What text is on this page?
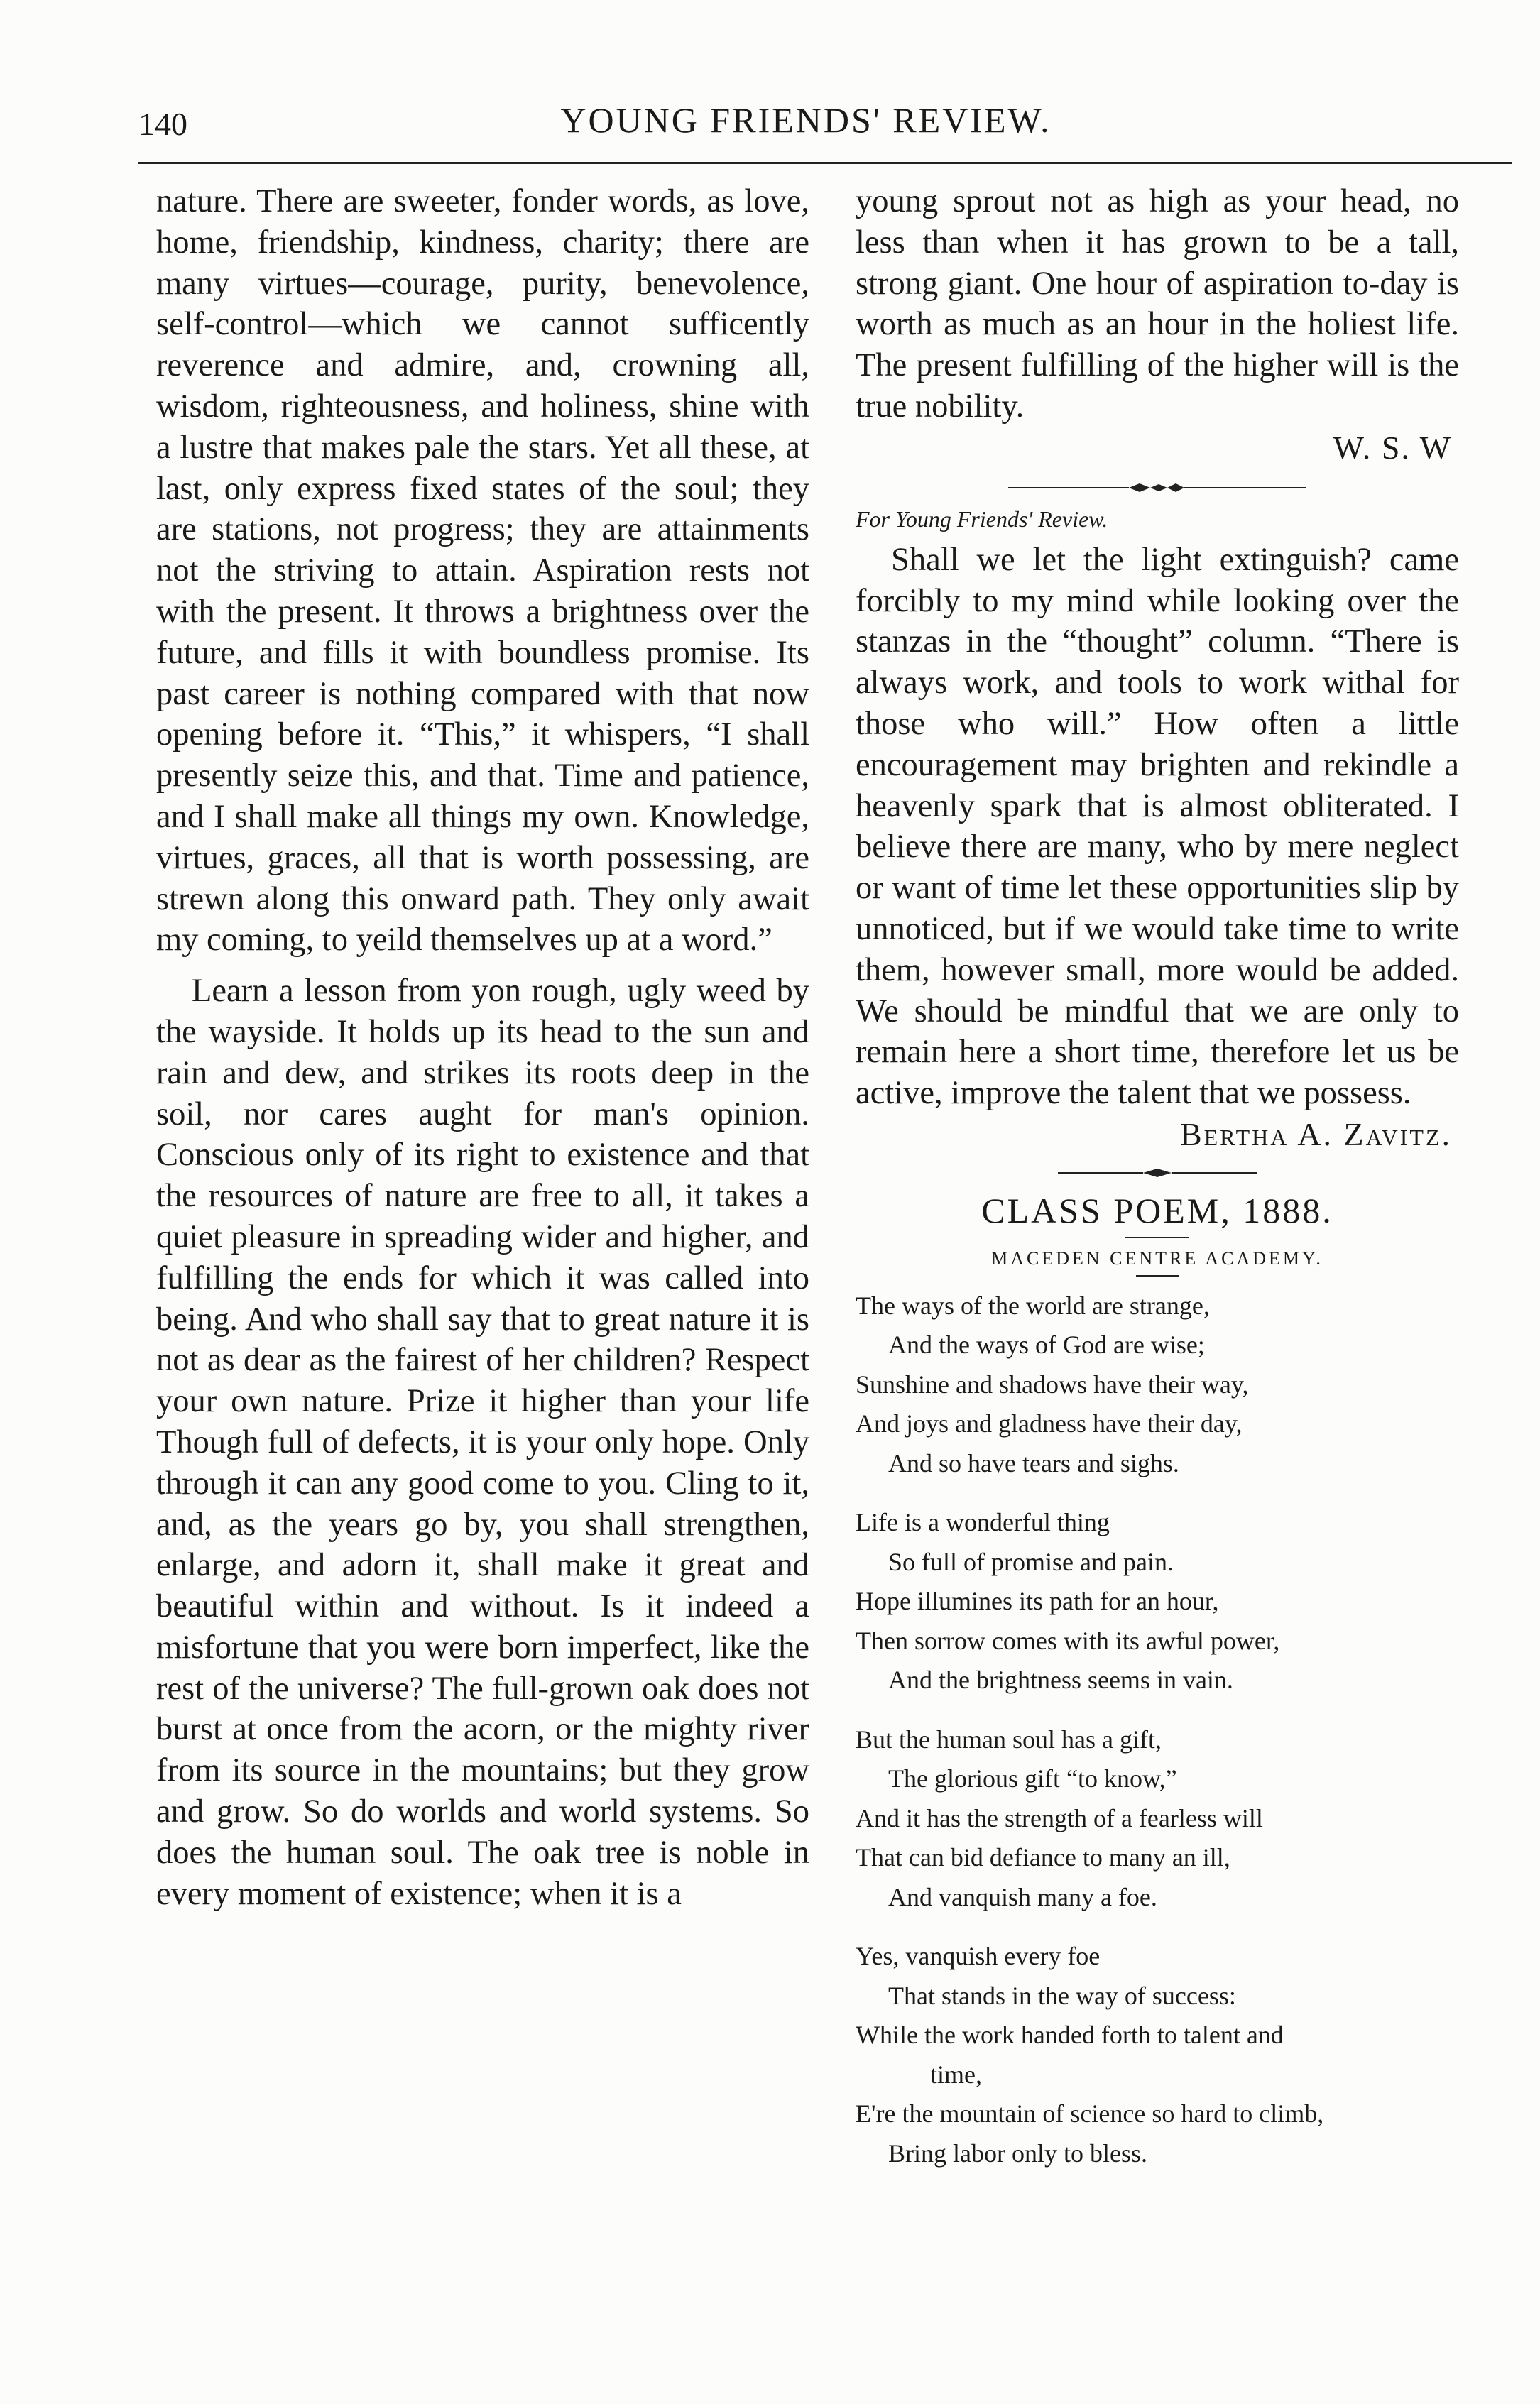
140	YOUNG FRIENDS' REVIEW.

nature. There are sweeter, fonder words, as love, home, friendship, kindness, charity; there are many virtues—courage, purity, benevolence, self-control—which we cannot sufficently reverence and admire, and, crowning all, wisdom, righteousness, and holiness, shine with a lustre that makes pale the stars. Yet all these, at last, only express fixed states of the soul; they are stations, not progress; they are attainments not the striving to attain. Aspiration rests not with the present. It throws a brightness over the future, and fills it with boundless promise. Its past career is nothing compared with that now opening before it. “This,” it whispers, “I shall presently seize this, and that. Time and patience, and I shall make all things my own. Knowledge, virtues, graces, all that is worth possessing, are strewn along this onward path. They only await my coming, to yeild themselves up at a word.”

Learn a lesson from yon rough, ugly weed by the wayside. It holds up its head to the sun and rain and dew, and strikes its roots deep in the soil, nor cares aught for man's opinion. Conscious only of its right to existence and that the resources of nature are free to all, it takes a quiet pleasure in spreading wider and higher, and fulfilling the ends for which it was called into being. And who shall say that to great nature it is not as dear as the fairest of her children? Respect your own nature. Prize it higher than your life Though full of defects, it is your only hope. Only through it can any good come to you. Cling to it, and, as the years go by, you shall strengthen, enlarge, and adorn it, shall make it great and beautiful within and without. Is it indeed a misfortune that you were born imperfect, like the rest of the universe? The full-grown oak does not burst at once from the acorn, or the mighty river from its source in the mountains; but they grow and grow. So do worlds and world systems. So does the human soul. The oak tree is noble in every moment of existence; when it is a

young sprout not as high as your head, no less than when it has grown to be a tall, strong giant. One hour of aspiration to-day is worth as much as an hour in the holiest life. The present fulfilling of the higher will is the true nobility.

W. S. W

For Young Friends' Review.

Shall we let the light extinguish? came forcibly to my mind while looking over the stanzas in the “thought” column. “There is always work, and tools to work withal for those who will.” How often a little encouragement may brighten and rekindle a heavenly spark that is almost obliterated. I believe there are many, who by mere neglect or want of time let these opportunities slip by unnoticed, but if we would take time to write them, however small, more would be added. We should be mindful that we are only to remain here a short time, therefore let us be active, improve the talent that we possess.

Bertha A. Zavitz.

CLASS POEM, 1888.
MACEDEN CENTRE ACADEMY.
The ways of the world are strange,
And the ways of God are wise;
Sunshine and shadows have their way,
And joys and gladness have their day,
And so have tears and sighs.
Life is a wonderful thing
So full of promise and pain.
Hope illumines its path for an hour,
Then sorrow comes with its awful power,
And the brightness seems in vain.
But the human soul has a gift,
The glorious gift “to know,”
And it has the strength of a fearless will
That can bid defiance to many an ill,
And vanquish many a foe.
Yes, vanquish every foe
That stands in the way of success:
While the work handed forth to talent and
time,
E're the mountain of science so hard to climb,
Bring labor only to bless.
